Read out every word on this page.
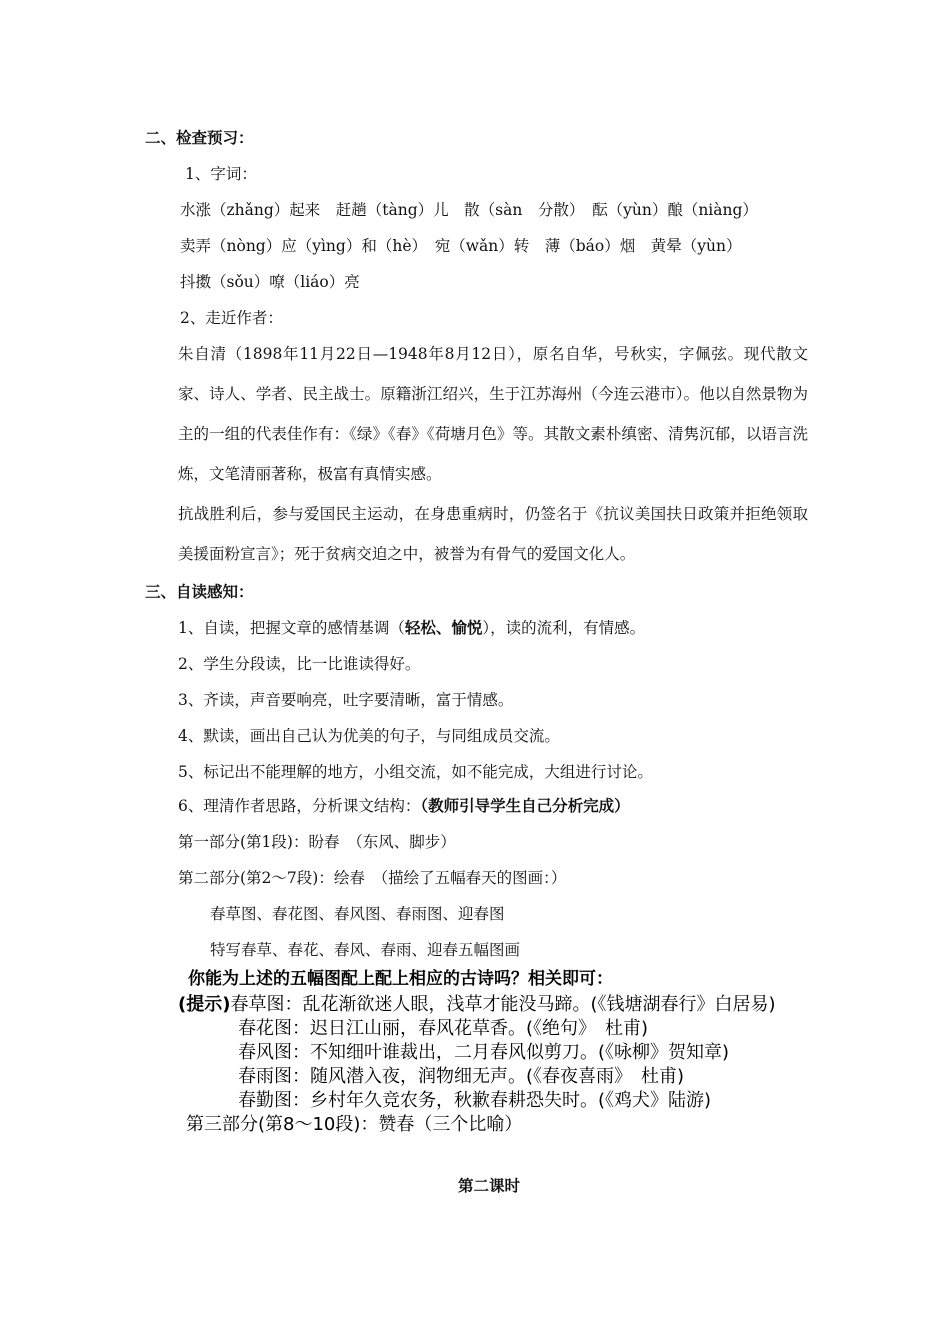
二、检查预习：
1、字词：
水涨（zhǎng）起来　赶趟（tàng）儿　散（sàn　分散）　酝（yùn）酿（niàng）
卖弄（nòng）应（yìng）和（hè）　宛（wǎn）转　薄（báo）烟　黄晕（yùn）
抖擞（sǒu）嘹（liáo）亮
2、走近作者：
朱自清（1898年11月22日—1948年8月12日），原名自华，号秋实，字佩弦。现代散文家、诗人、学者、民主战士。原籍浙江绍兴，生于江苏海州（今连云港市）。他以自然景物为主的一组的代表佳作有：《绿》《春》《荷塘月色》等。其散文素朴缜密、清隽沉郁，以语言洗炼，文笔清丽著称，极富有真情实感。
抗战胜利后，参与爱国民主运动，在身患重病时，仍签名于《抗议美国扶日政策并拒绝领取美援面粉宣言》；死于贫病交迫之中，被誉为有骨气的爱国文化人。
三、自读感知：
1、自读，把握文章的感情基调（轻松、愉悦），读的流利，有情感。
2、学生分段读，比一比谁读得好。
3、齐读，声音要响亮，吐字要清晰，富于情感。
4、默读，画出自己认为优美的句子，与同组成员交流。
5、标记出不能理解的地方，小组交流，如不能完成，大组进行讨论。
6、理清作者思路，分析课文结构：（教师引导学生自己分析完成）
第一部分(第1段)：盼春　（东风、脚步）
第二部分(第2～7段)：绘春　（描绘了五幅春天的图画：）
春草图、春花图、春风图、春雨图、迎春图
特写春草、春花、春风、春雨、迎春五幅图画
你能为上述的五幅图配上配上相应的古诗吗？相关即可：
(提示)春草图：乱花渐欲迷人眼，浅草才能没马蹄。(《钱塘湖春行》白居易)
春花图：迟日江山丽，春风花草香。(《绝句》　杜甫)
春风图：不知细叶谁裁出，二月春风似剪刀。(《咏柳》贺知章)
春雨图：随风潜入夜，润物细无声。(《春夜喜雨》　杜甫)
春勤图：乡村年久竞农务，秋歉春耕恐失时。(《鸡犬》陆游)
第三部分(第8～10段)：赞春（三个比喻）
第二课时
